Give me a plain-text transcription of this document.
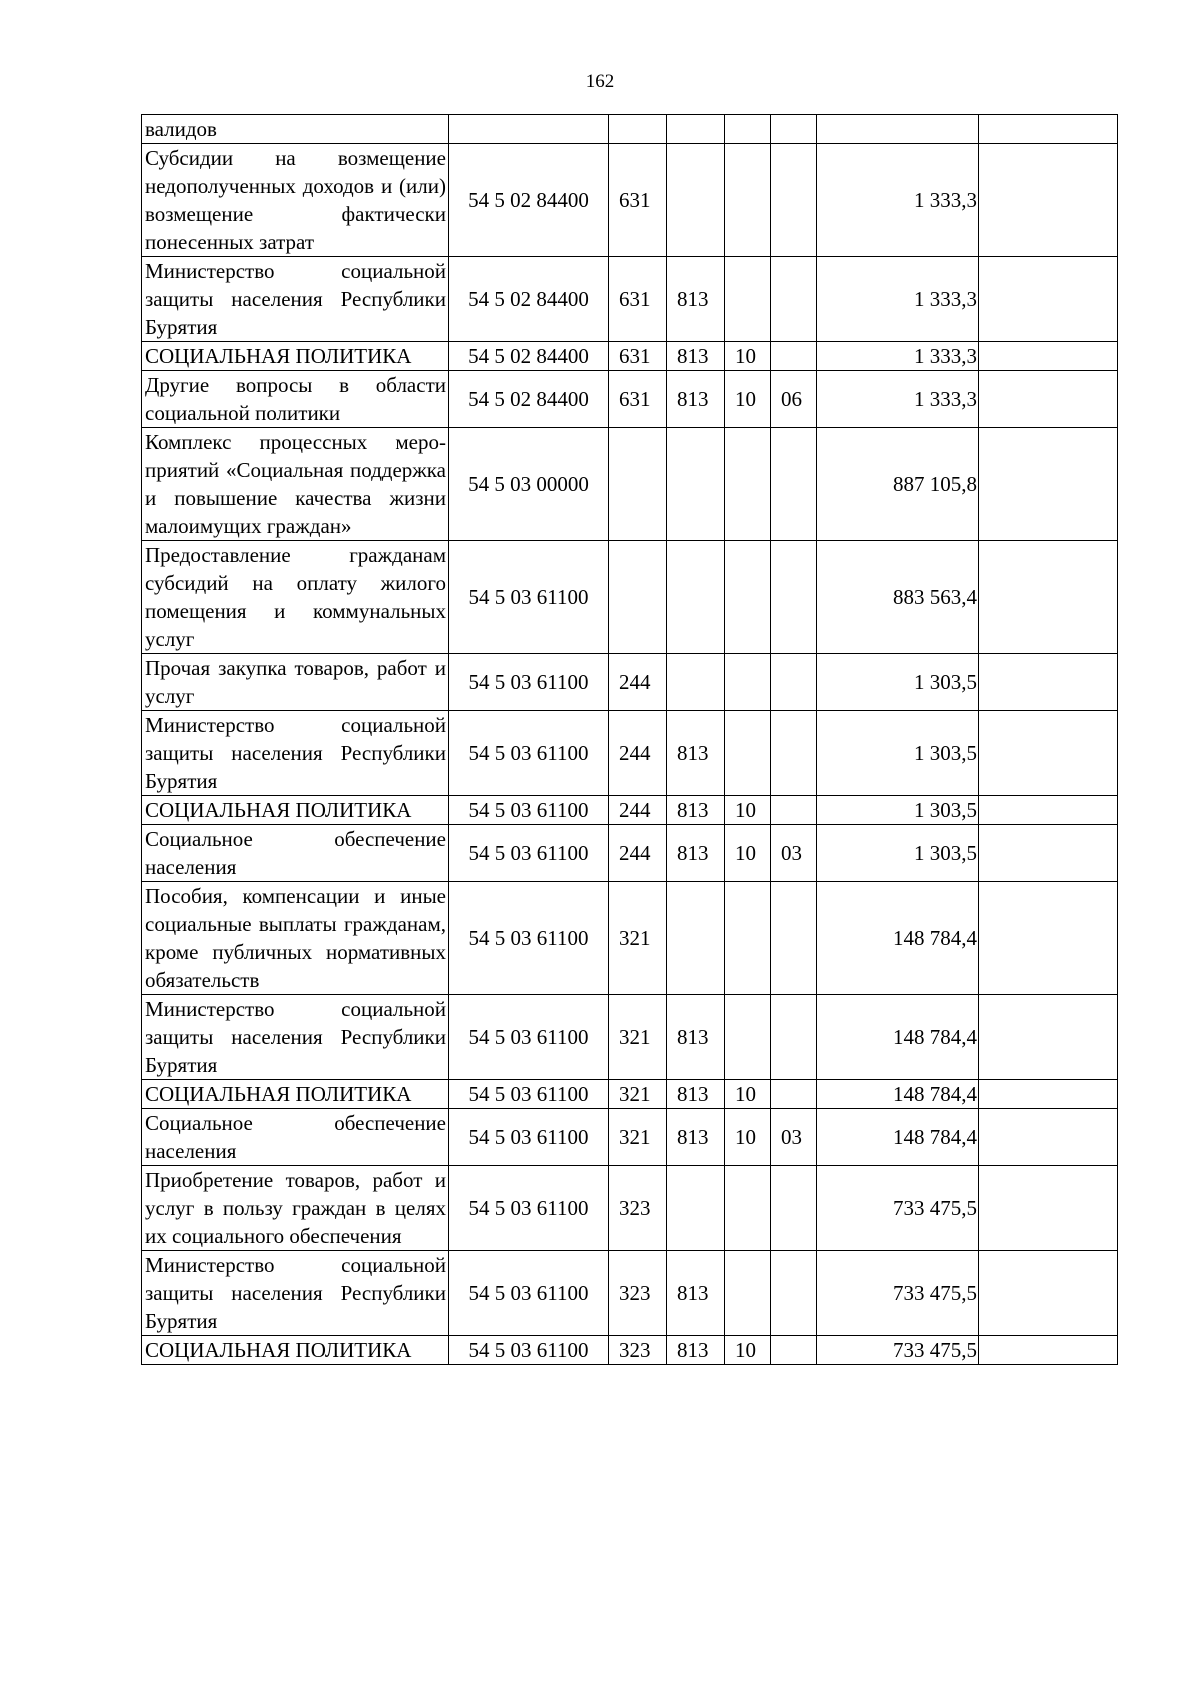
162
валидов							
Субсидии на возмещение недополученных доходов и (или) возмещение фактически понесенных затрат	54 5 02 84400	631				1 333,3	
Министерство социальной защиты населения Республики Бурятия	54 5 02 84400	631	813			1 333,3	
СОЦИАЛЬНАЯ ПОЛИТИКА	54 5 02 84400	631	813	10		1 333,3	
Другие вопросы в области социальной политики	54 5 02 84400	631	813	10	06	1 333,3	
Комплекс процессных мероприятий «Социальная поддержка и повышение качества жизни малоимущих граждан»	54 5 03 00000					887 105,8	
Предоставление гражданам субсидий на оплату жилого помещения и коммунальных услуг	54 5 03 61100					883 563,4	
Прочая закупка товаров, работ и услуг	54 5 03 61100	244				1 303,5	
Министерство социальной защиты населения Республики Бурятия	54 5 03 61100	244	813			1 303,5	
СОЦИАЛЬНАЯ ПОЛИТИКА	54 5 03 61100	244	813	10		1 303,5	
Социальное обеспечение населения	54 5 03 61100	244	813	10	03	1 303,5	
Пособия, компенсации и иные социальные выплаты гражданам, кроме публичных нормативных обязательств	54 5 03 61100	321				148 784,4	
Министерство социальной защиты населения Республики Бурятия	54 5 03 61100	321	813			148 784,4	
СОЦИАЛЬНАЯ ПОЛИТИКА	54 5 03 61100	321	813	10		148 784,4	
Социальное обеспечение населения	54 5 03 61100	321	813	10	03	148 784,4	
Приобретение товаров, работ и услуг в пользу граждан в целях их социального обеспечения	54 5 03 61100	323				733 475,5	
Министерство социальной защиты населения Республики Бурятия	54 5 03 61100	323	813			733 475,5	
СОЦИАЛЬНАЯ ПОЛИТИКА	54 5 03 61100	323	813	10		733 475,5	
